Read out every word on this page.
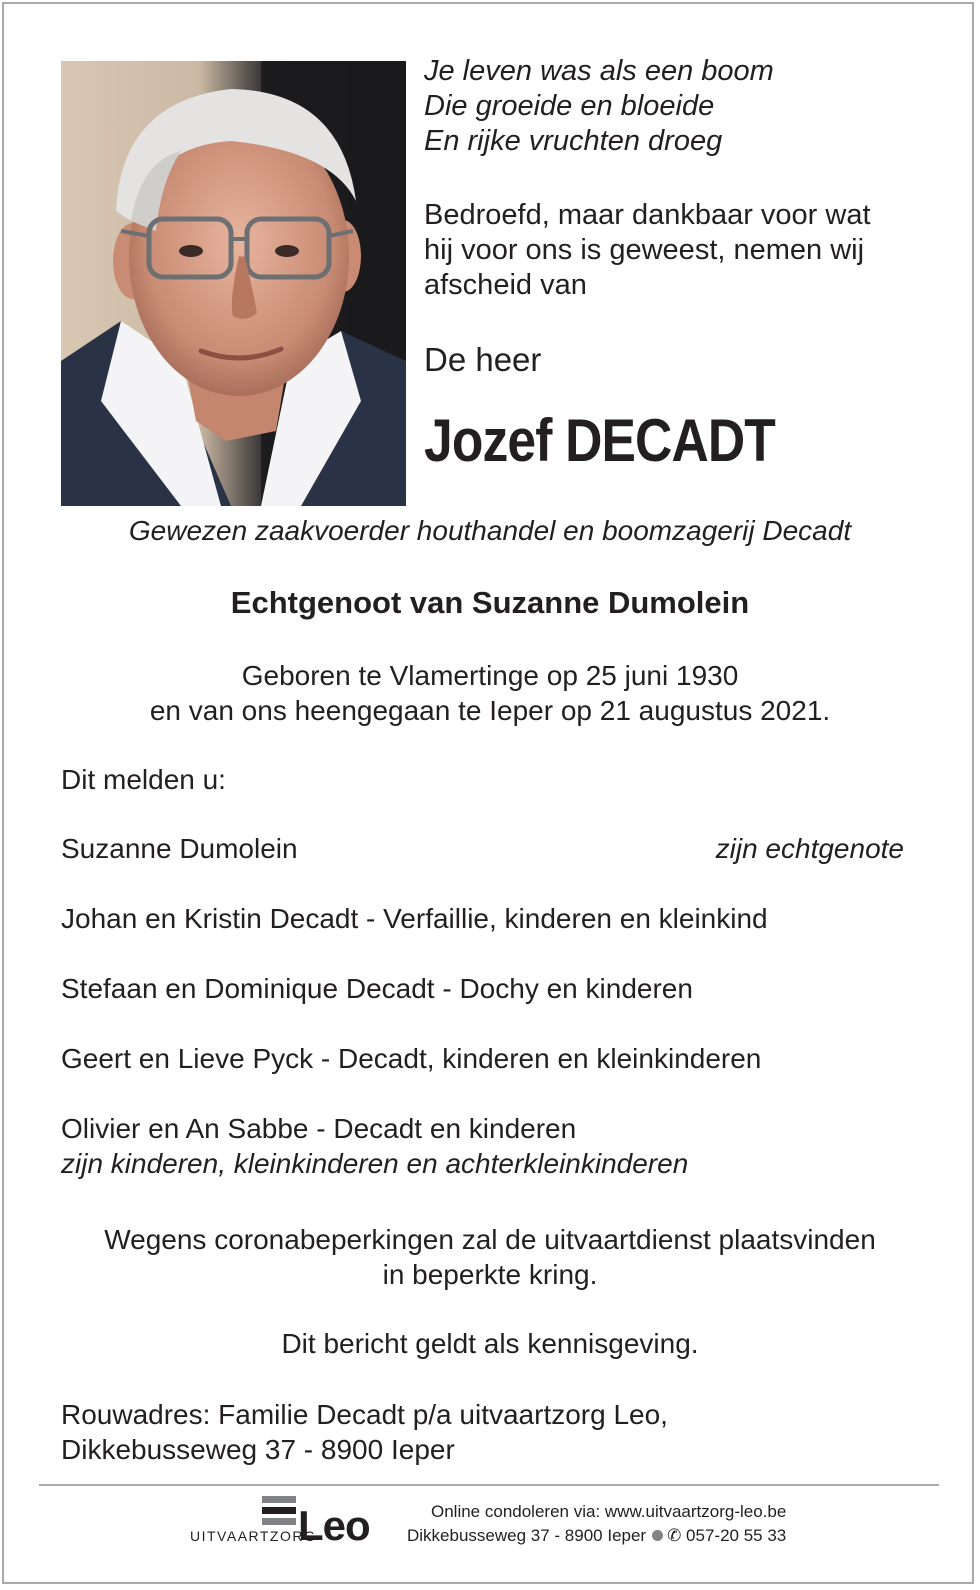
Je leven was als een boom
Die groeide en bloeide
En rijke vruchten droeg
Bedroefd, maar dankbaar voor wat
hij voor ons is geweest, nemen wij
afscheid van
De heer
Jozef DECADT
Gewezen zaakvoerder houthandel en boomzagerij Decadt
Echtgenoot van Suzanne Dumolein
Geboren te Vlamertinge op 25 juni 1930
en van ons heengegaan te Ieper op 21 augustus 2021.
Dit melden u:
Suzanne Dumolein	zijn echtgenote
Johan en Kristin Decadt - Verfaillie, kinderen en kleinkind
Stefaan en Dominique Decadt - Dochy en kinderen
Geert en Lieve Pyck - Decadt, kinderen en kleinkinderen
Olivier en An Sabbe - Decadt en kinderen
zijn kinderen, kleinkinderen en achterkleinkinderen
Wegens coronabeperkingen zal de uitvaartdienst plaatsvinden
in beperkte kring.
Dit bericht geldt als kennisgeving.
Rouwadres: Familie Decadt p/a uitvaartzorg Leo,
Dikkebusseweg 37 - 8900 Ieper
UITVAARTZORG
Leo	Online condoleren via: www.uitvaartzorg-leo.be
Dikkebusseweg 37 - 8900 Ieper ✆ 057-20 55 33
